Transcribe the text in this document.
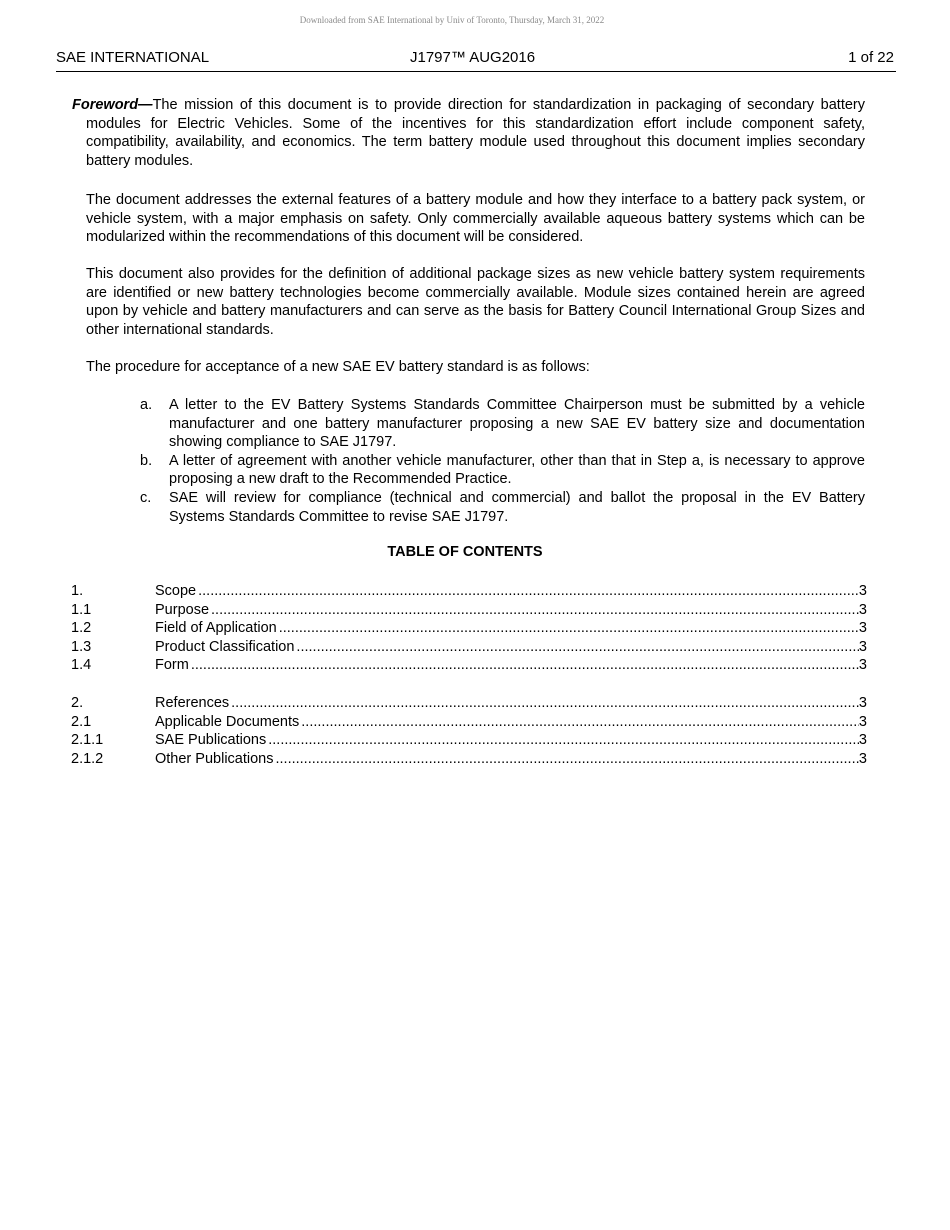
Downloaded from SAE International by Univ of Toronto, Thursday, March 31, 2022
SAE INTERNATIONAL	J1797™ AUG2016	1 of 22
Foreword—The mission of this document is to provide direction for standardization in packaging of secondary battery modules for Electric Vehicles. Some of the incentives for this standardization effort include component safety, compatibility, availability, and economics. The term battery module used throughout this document implies secondary battery modules.
The document addresses the external features of a battery module and how they interface to a battery pack system, or vehicle system, with a major emphasis on safety. Only commercially available aqueous battery systems which can be modularized within the recommendations of this document will be considered.
This document also provides for the definition of additional package sizes as new vehicle battery system requirements are identified or new battery technologies become commercially available. Module sizes contained herein are agreed upon by vehicle and battery manufacturers and can serve as the basis for Battery Council International Group Sizes and other international standards.
The procedure for acceptance of a new SAE EV battery standard is as follows:
a. A letter to the EV Battery Systems Standards Committee Chairperson must be submitted by a vehicle manufacturer and one battery manufacturer proposing a new SAE EV battery size and documentation showing compliance to SAE J1797.
b. A letter of agreement with another vehicle manufacturer, other than that in Step a, is necessary to approve proposing a new draft to the Recommended Practice.
c. SAE will review for compliance (technical and commercial) and ballot the proposal in the EV Battery Systems Standards Committee to revise SAE J1797.
TABLE OF CONTENTS
1.	Scope .....	3
1.1	Purpose .....	3
1.2	Field of Application .....	3
1.3	Product Classification .....	3
1.4	Form .....	3
2.	References .....	3
2.1	Applicable Documents .....	3
2.1.1	SAE Publications .....	3
2.1.2	Other Publications .....	3
